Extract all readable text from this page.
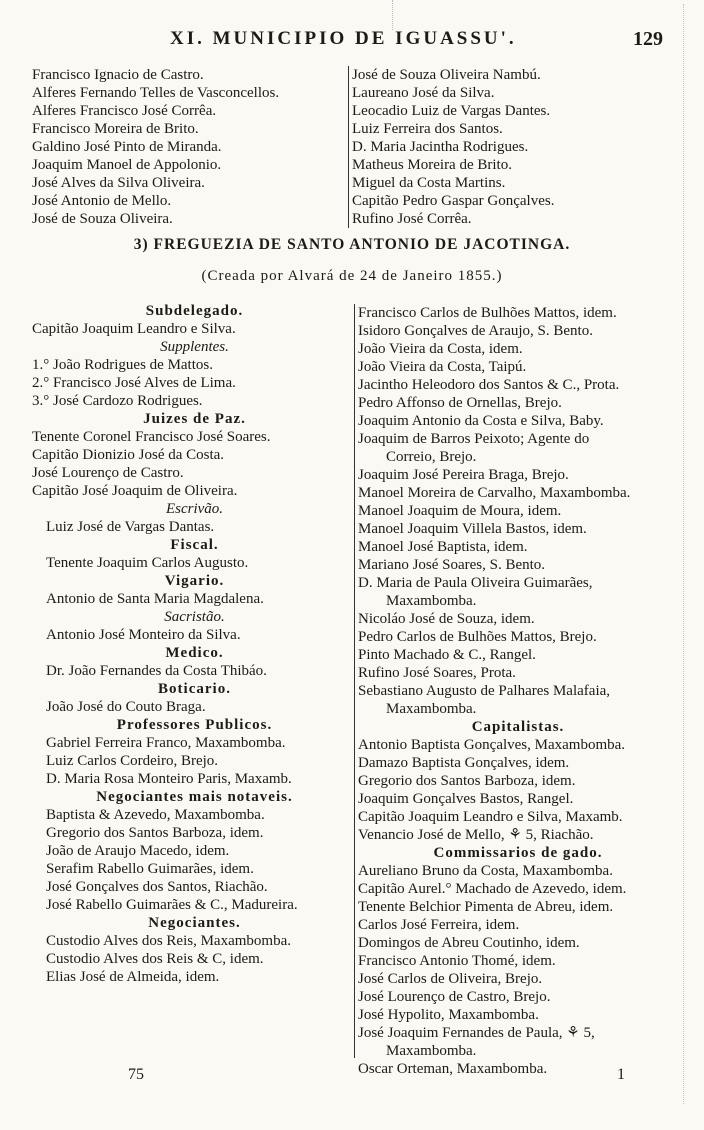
XI. MUNICIPIO DE IGUASSU'.	129
Francisco Ignacio de Castro.
Alferes Fernando Telles de Vasconcellos.
Alferes Francisco José Corrêa.
Francisco Moreira de Brito.
Galdino José Pinto de Miranda.
Joaquim Manoel de Appolonio.
José Alves da Silva Oliveira.
José Antonio de Mello.
José de Souza Oliveira.
José de Souza Oliveira Nambú.
Laureano José da Silva.
Leocadio Luiz de Vargas Dantes.
Luiz Ferreira dos Santos.
D. Maria Jacintha Rodrigues.
Matheus Moreira de Brito.
Miguel da Costa Martins.
Capitão Pedro Gaspar Gonçalves.
Rufino José Corrêa.
3) FREGUEZIA DE SANTO ANTONIO DE JACOTINGA.
(Creada por Alvará de 24 de Janeiro 1855.)
Subdelegado.
Capitão Joaquim Leandro e Silva.
Supplentes.
1.° João Rodrigues de Mattos.
2.° Francisco José Alves de Lima.
3.° José Cardozo Rodrigues.
Juizes de Paz.
Tenente Coronel Francisco José Soares.
Capitão Dionizio José da Costa.
José Lourenço de Castro.
Capitão José Joaquim de Oliveira.
Escrivão.
Luiz José de Vargas Dantas.
Fiscal.
Tenente Joaquim Carlos Augusto.
Vigario.
Antonio de Santa Maria Magdalena.
Sacristão.
Antonio José Monteiro da Silva.
Medico.
Dr. João Fernandes da Costa Thibáo.
Boticario.
João José do Couto Braga.
Professores Publicos.
Gabriel Ferreira Franco, Maxambomba.
Luiz Carlos Cordeiro, Brejo.
D. Maria Rosa Monteiro Paris, Maxamb.
Negociantes mais notaveis.
Baptista & Azevedo, Maxambomba.
Gregorio dos Santos Barboza, idem.
João de Araujo Macedo, idem.
Serafim Rabello Guimarães, idem.
José Gonçalves dos Santos, Riachão.
José Rabello Guimarães & C., Madureira.
Negociantes.
Custodio Alves dos Reis, Maxambomba.
Custodio Alves dos Reis & C, idem.
Elias José de Almeida, idem.
Francisco Carlos de Bulhões Mattos, idem.
Isidoro Gonçalves de Araujo, S. Bento.
João Vieira da Costa, idem.
João Vieira da Costa, Taipú.
Jacintho Heleodoro dos Santos & C., Prota.
Pedro Affonso de Ornellas, Brejo.
Joaquim Antonio da Costa e Silva, Baby.
Joaquim de Barros Peixoto; Agente do
Correio, Brejo.
Joaquim José Pereira Braga, Brejo.
Manoel Moreira de Carvalho, Maxambomba.
Manoel Joaquim de Moura, idem.
Manoel Joaquim Villela Bastos, idem.
Manoel José Baptista, idem.
Mariano José Soares, S. Bento.
D. Maria de Paula Oliveira Guimarães,
Maxambomba.
Nicoláo José de Souza, idem.
Pedro Carlos de Bulhões Mattos, Brejo.
Pinto Machado & C., Rangel.
Rufino José Soares, Prota.
Sebastiano Augusto de Palhares Malafaia,
Maxambomba.
Capitalistas.
Antonio Baptista Gonçalves, Maxambomba.
Damazo Baptista Gonçalves, idem.
Gregorio dos Santos Barboza, idem.
Joaquim Gonçalves Bastos, Rangel.
Capitão Joaquim Leandro e Silva, Maxamb.
Venancio José de Mello, ⚘ 5, Riachão.
Commissarios de gado.
Aureliano Bruno da Costa, Maxambomba.
Capitão Aurel.° Machado de Azevedo, idem.
Tenente Belchior Pimenta de Abreu, idem.
Carlos José Ferreira, idem.
Domingos de Abreu Coutinho, idem.
Francisco Antonio Thomé, idem.
José Carlos de Oliveira, Brejo.
José Lourenço de Castro, Brejo.
José Hypolito, Maxambomba.
José Joaquim Fernandes de Paula, ⚘ 5,
Maxambomba.
Oscar Orteman, Maxambomba.
75	1
